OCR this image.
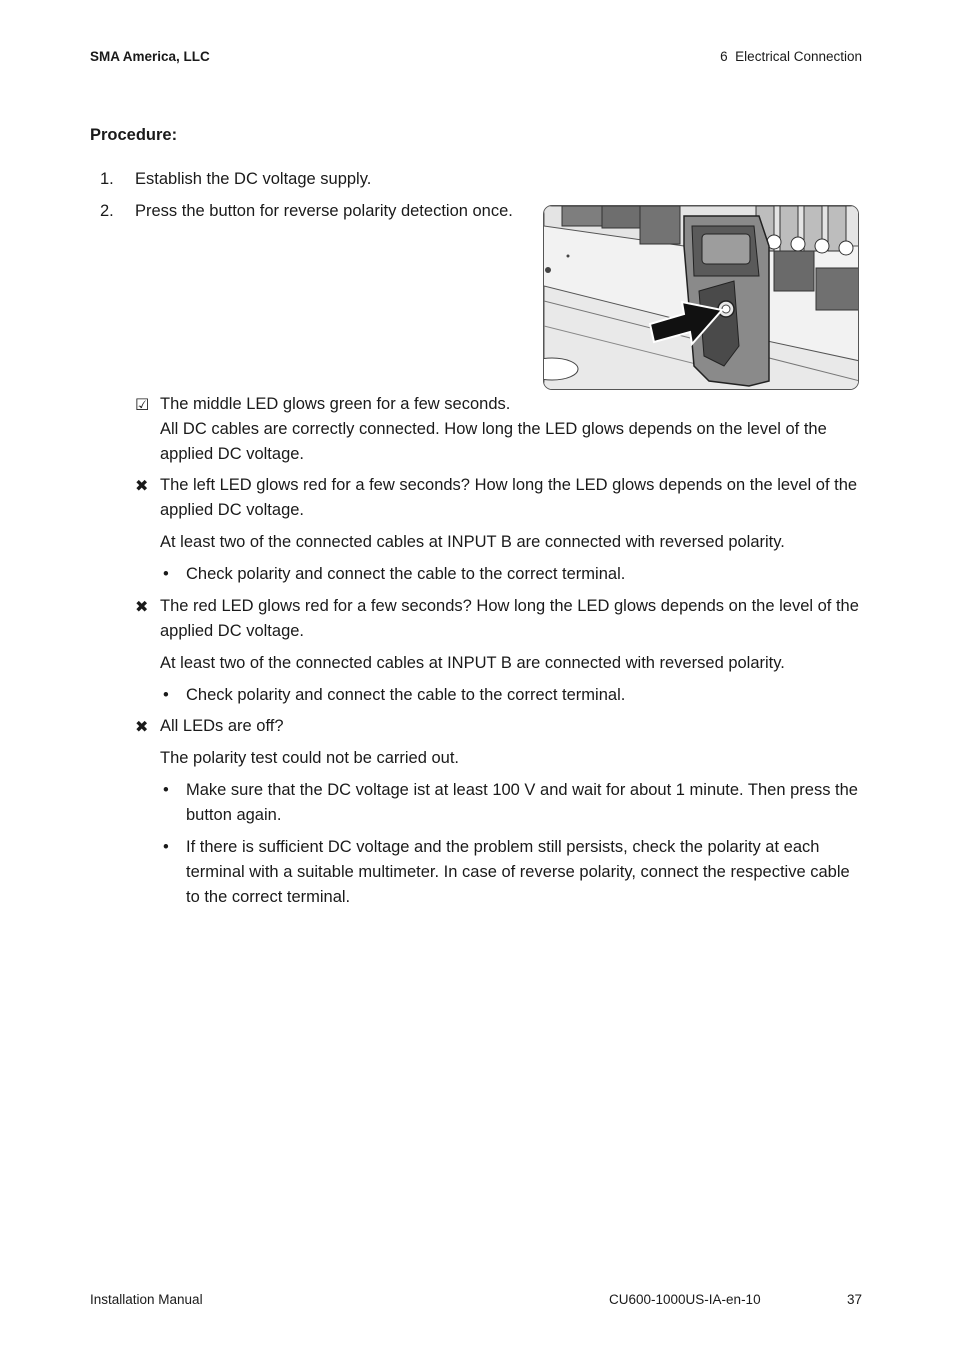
SMA America, LLC	6  Electrical Connection
Procedure:
1. Establish the DC voltage supply.
2. Press the button for reverse polarity detection once.
☑ The middle LED glows green for a few seconds.
All DC cables are correctly connected. How long the LED glows depends on the level of the applied DC voltage.
✖ The left LED glows red for a few seconds? How long the LED glows depends on the level of the applied DC voltage.
At least two of the connected cables at INPUT B are connected with reversed polarity.
• Check polarity and connect the cable to the correct terminal.
✖ The red LED glows red for a few seconds? How long the LED glows depends on the level of the applied DC voltage.
At least two of the connected cables at INPUT B are connected with reversed polarity.
• Check polarity and connect the cable to the correct terminal.
✖ All LEDs are off?
The polarity test could not be carried out.
• Make sure that the DC voltage ist at least 100 V and wait for about 1 minute. Then press the button again.
• If there is sufficient DC voltage and the problem still persists, check the polarity at each terminal with a suitable multimeter. In case of reverse polarity, connect the respective cable to the correct terminal.
Installation Manual	CU600-1000US-IA-en-10	37
